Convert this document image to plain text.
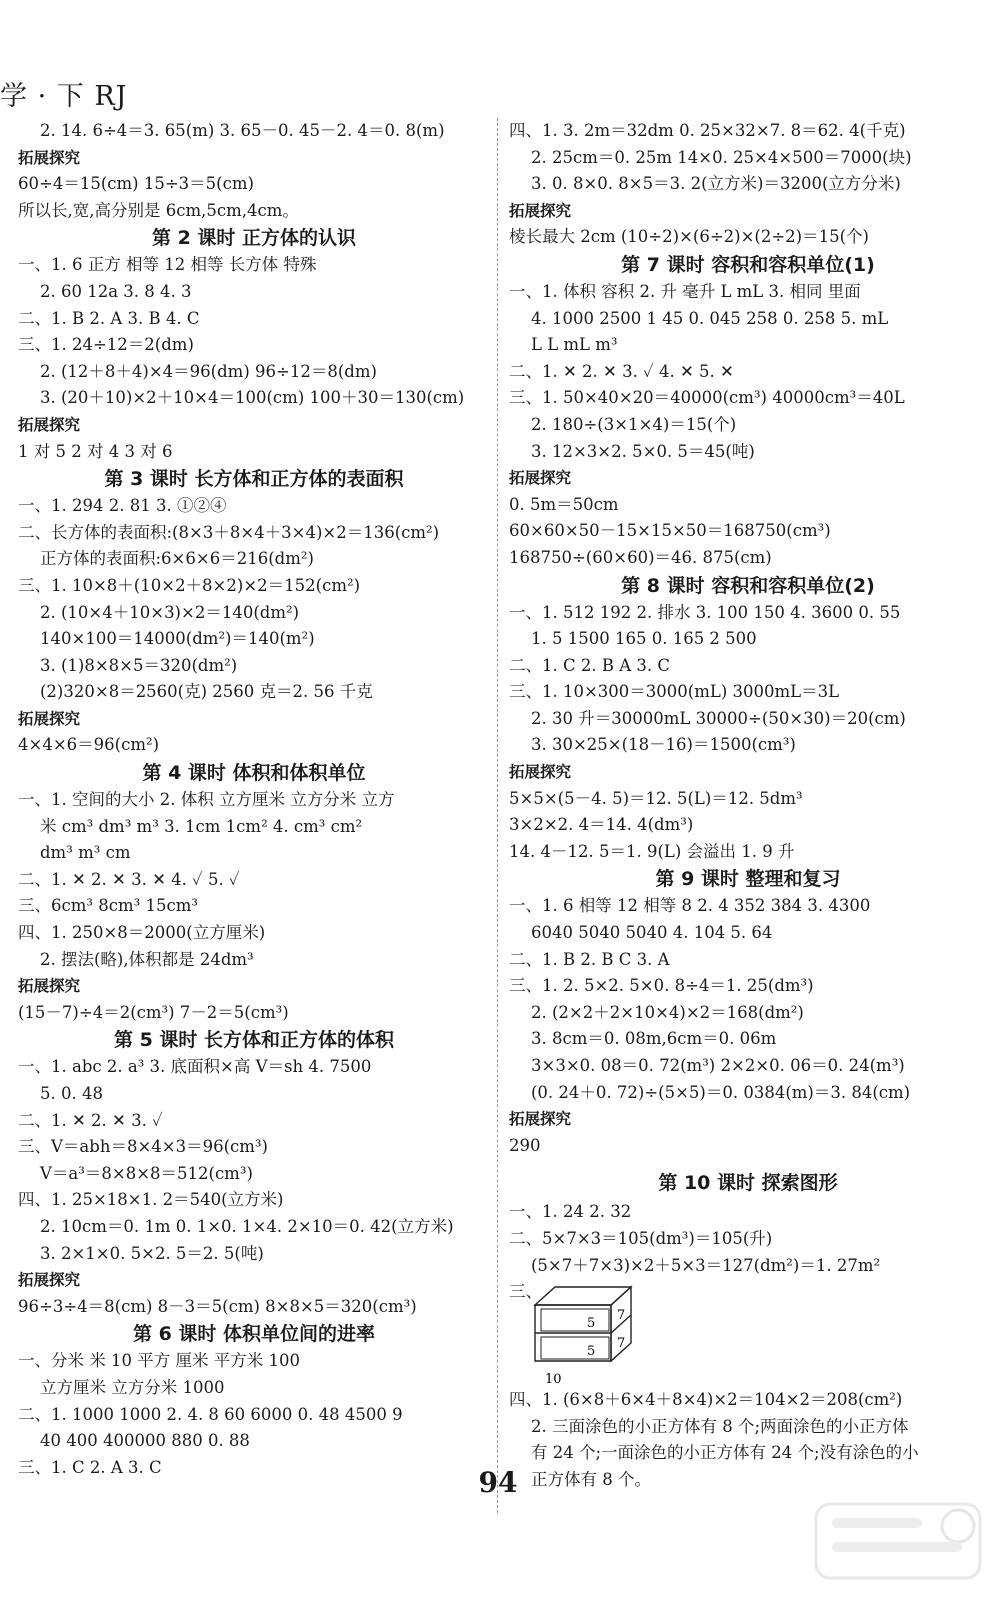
学 · 下 RJ
2. 14. 6÷4＝3. 65(m) 3. 65－0. 45－2. 4＝0. 8(m)
拓展探究
60÷4＝15(cm) 15÷3＝5(cm)
所以长,宽,高分别是 6cm,5cm,4cm。
第 2 课时 正方体的认识
一、1. 6 正方 相等 12 相等 长方体 特殊
2. 60 12a 3. 8 4. 3
二、1. B 2. A 3. B 4. C
三、1. 24÷12＝2(dm)
2. (12＋8＋4)×4＝96(dm) 96÷12＝8(dm)
3. (20＋10)×2＋10×4＝100(cm) 100＋30＝130(cm)
拓展探究
1 对 5 2 对 4 3 对 6
第 3 课时 长方体和正方体的表面积
一、1. 294 2. 81 3. ①②④
二、长方体的表面积:(8×3＋8×4＋3×4)×2＝136(cm²)
正方体的表面积:6×6×6＝216(dm²)
三、1. 10×8＋(10×2＋8×2)×2＝152(cm²)
2. (10×4＋10×3)×2＝140(dm²)
140×100＝14000(dm²)＝140(m²)
3. (1)8×8×5＝320(dm²)
(2)320×8＝2560(克) 2560 克＝2. 56 千克
拓展探究
4×4×6＝96(cm²)
第 4 课时 体积和体积单位
一、1. 空间的大小 2. 体积 立方厘米 立方分米 立方
米 cm³ dm³ m³ 3. 1cm 1cm² 4. cm³ cm²
dm³ m³ cm
二、1. ✕ 2. ✕ 3. ✕ 4. ✓ 5. ✓
三、6cm³ 8cm³ 15cm³
四、1. 250×8＝2000(立方厘米)
2. 摆法(略),体积都是 24dm³
拓展探究
(15－7)÷4＝2(cm³) 7－2＝5(cm³)
第 5 课时 长方体和正方体的体积
一、1. abc 2. a³ 3. 底面积×高 V＝sh 4. 7500
5. 0. 48
二、1. ✕ 2. ✕ 3. ✓
三、V＝abh＝8×4×3＝96(cm³)
V＝a³＝8×8×8＝512(cm³)
四、1. 25×18×1. 2＝540(立方米)
2. 10cm＝0. 1m 0. 1×0. 1×4. 2×10＝0. 42(立方米)
3. 2×1×0. 5×2. 5＝2. 5(吨)
拓展探究
96÷3÷4＝8(cm) 8－3＝5(cm) 8×8×5＝320(cm³)
第 6 课时 体积单位间的进率
一、分米 米 10 平方 厘米 平方米 100
立方厘米 立方分米 1000
二、1. 1000 1000 2. 4. 8 60 6000 0. 48 4500 9
40 400 400000 880 0. 88
三、1. C 2. A 3. C
四、1. 3. 2m＝32dm 0. 25×32×7. 8＝62. 4(千克)
2. 25cm＝0. 25m 14×0. 25×4×500＝7000(块)
3. 0. 8×0. 8×5＝3. 2(立方米)＝3200(立方分米)
拓展探究
棱长最大 2cm (10÷2)×(6÷2)×(2÷2)＝15(个)
第 7 课时 容积和容积单位(1)
一、1. 体积 容积 2. 升 毫升 L mL 3. 相同 里面
4. 1000 2500 1 45 0. 045 258 0. 258 5. mL
L L mL m³
二、1. ✕ 2. ✕ 3. ✓ 4. ✕ 5. ✕
三、1. 50×40×20＝40000(cm³) 40000cm³＝40L
2. 180÷(3×1×4)＝15(个)
3. 12×3×2. 5×0. 5＝45(吨)
拓展探究
0. 5m＝50cm
60×60×50－15×15×50＝168750(cm³)
168750÷(60×60)＝46. 875(cm)
第 8 课时 容积和容积单位(2)
一、1. 512 192 2. 排水 3. 100 150 4. 3600 0. 55
1. 5 1500 165 0. 165 2 500
二、1. C 2. B A 3. C
三、1. 10×300＝3000(mL) 3000mL＝3L
2. 30 升＝30000mL 30000÷(50×30)＝20(cm)
3. 30×25×(18－16)＝1500(cm³)
拓展探究
5×5×(5－4. 5)＝12. 5(L)＝12. 5dm³
3×2×2. 4＝14. 4(dm³)
14. 4－12. 5＝1. 9(L) 会溢出 1. 9 升
第 9 课时 整理和复习
一、1. 6 相等 12 相等 8 2. 4 352 384 3. 4300
6040 5040 5040 4. 104 5. 64
二、1. B 2. B C 3. A
三、1. 2. 5×2. 5×0. 8÷4＝1. 25(dm³)
2. (2×2＋2×10×4)×2＝168(dm²)
3. 8cm＝0. 08m,6cm＝0. 06m
3×3×0. 08＝0. 72(m³) 2×2×0. 06＝0. 24(m³)
(0. 24＋0. 72)÷(5×5)＝0. 0384(m)＝3. 84(cm)
拓展探究
290
第 10 课时 探索图形
一、1. 24 2. 32
二、5×7×3＝105(dm³)＝105(升)
(5×7＋7×3)×2＋5×3＝127(dm²)＝1. 27m²
三、
5
7
5
7
10
四、1. (6×8＋6×4＋8×4)×2＝104×2＝208(cm²)
2. 三面涂色的小正方体有 8 个;两面涂色的小正方体
有 24 个;一面涂色的小正方体有 24 个;没有涂色的小
正方体有 8 个。
94
